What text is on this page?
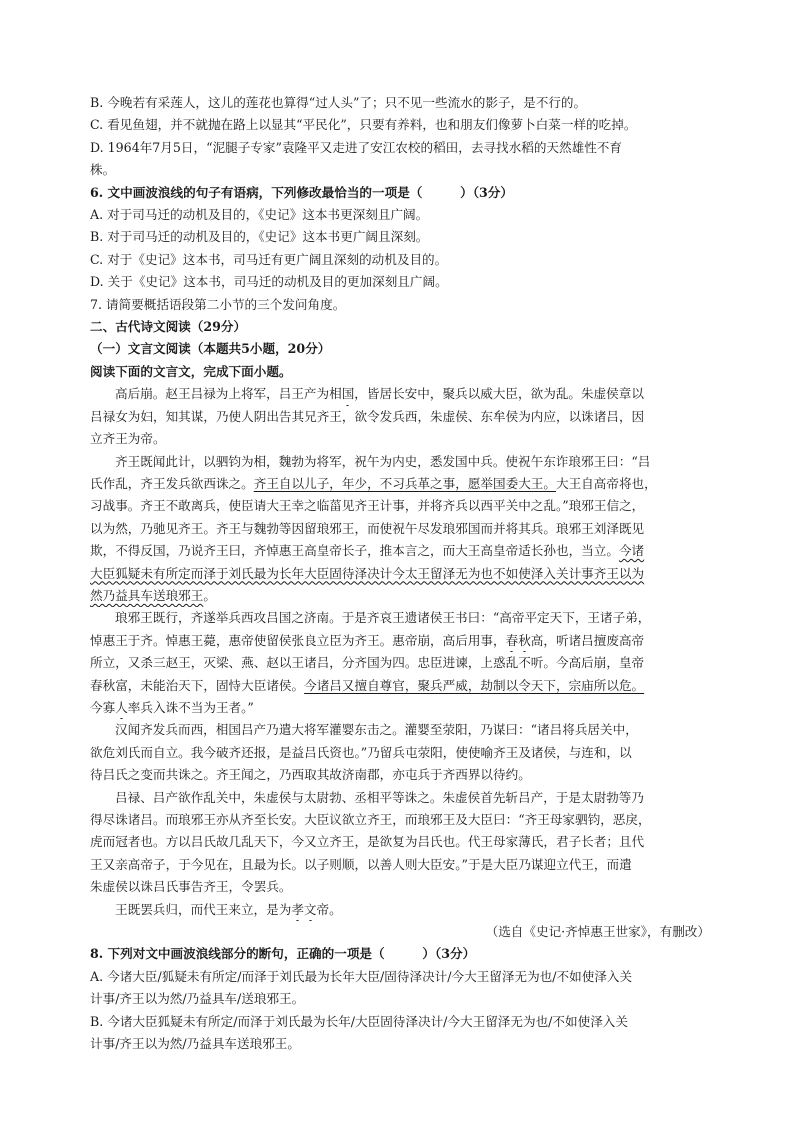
B. 今晚若有采莲人，这儿的莲花也算得“过人头”了；只不见一些流水的影子，是不行的。
C. 看见鱼翅，并不就抛在路上以显其“平民化”，只要有养料，也和朋友们像萝卜白菜一样的吃掉。
D. 1964年7月5日，“泥腿子专家”袁隆平又走进了安江农校的稻田，去寻找水稻的天然雄性不育
株。
6. 文中画波浪线的句子有语病，下列修改最恰当的一项是（　　　）（3分）
A. 对于司马迁的动机及目的，《史记》这本书更深刻且广阔。
B. 对于司马迁的动机及目的，《史记》这本书更广阔且深刻。
C. 对于《史记》这本书，司马迁有更广阔且深刻的动机及目的。
D. 关于《史记》这本书，司马迁的动机及目的更加深刻且广阔。
7. 请简要概括语段第二小节的三个发问角度。
二、古代诗文阅读（29分）
（一）文言文阅读（本题共5小题，20分）
阅读下面的文言文，完成下面小题。
高后崩。赵王吕禄为上将军，吕王产为相国，皆居长安中，聚兵以威大臣，欲为乱。朱虚侯章以
吕禄女为妇，知其谋，乃使人阴出告其兄齐王，欲令发兵西，朱虚侯、东牟侯为内应，以诛诸吕，因
立齐王为帝。
齐王既闻此计，以驷钧为相，魏勃为将军，祝午为内史，悉发国中兵。使祝午东诈琅邪王曰：“吕
氏作乱，齐王发兵欲西诛之。齐王自以儿子，年少，不习兵革之事，愿举国委大王。大王自高帝将也，
习战事。齐王不敢离兵，使臣请大王幸之临菑见齐王计事，并将齐兵以西平关中之乱。”琅邪王信之，
以为然，乃驰见齐王。齐王与魏勃等因留琅邪王，而使祝午尽发琅邪国而并将其兵。琅邪王刘泽既见
欺，不得反国，乃说齐王曰，齐悼惠王高皇帝长子，推本言之，而大王高皇帝适长孙也，当立。今诸
大臣狐疑未有所定而泽于刘氏最为长年大臣固待泽决计今太王留泽无为也不如使泽入关计事齐王以为
然乃益具车送琅邪王。
琅邪王既行，齐遂举兵西攻吕国之济南。于是齐哀王遗诸侯王书曰：“高帝平定天下，王诸子弟，
悼惠王于齐。悼惠王薨，惠帝使留侯张良立臣为齐王。惠帝崩，高后用事，春秋高，听诸吕擅废高帝
所立，又杀三赵王，灭梁、燕、赵以王诸吕，分齐国为四。忠臣进谏，上惑乱不听。今高后崩，皇帝
春秋富，未能治天下，固恃大臣诸侯。今诸吕又擅自尊官，聚兵严威，劫制以令天下，宗庙所以危。
今寡人率兵入诛不当为王者。”
汉闻齐发兵而西，相国吕产乃遣大将军灌婴东击之。灌婴至荥阳，乃谋曰：“诸吕将兵居关中，
欲危刘氏而自立。我今破齐还报，是益吕氏资也。”乃留兵屯荥阳，使使喻齐王及诸侯，与连和，以
待吕氏之变而共诛之。齐王闻之，乃西取其故济南郡，亦屯兵于齐西界以待约。
吕禄、吕产欲作乱关中，朱虚侯与太尉勃、丞相平等诛之。朱虚侯首先斩吕产，于是太尉勃等乃
得尽诛诸吕。而琅邪王亦从齐至长安。大臣议欲立齐王，而琅邪王及大臣曰：“齐王母家驷钧，恶戾，
虎而冠者也。方以吕氏故几乱天下，今又立齐王，是欲复为吕氏也。代王母家薄氏，君子长者；且代
王又亲高帝子，于今见在，且最为长。以子则顺，以善人则大臣安。”于是大臣乃谋迎立代王，而遣
朱虚侯以诛吕氏事告齐王，令罢兵。
王既罢兵归，而代王来立，是为孝文帝。
（选自《史记·齐悼惠王世家》，有删改）
8. 下列对文中画波浪线部分的断句，正确的一项是（　　　）（3分）
A. 今诸大臣/狐疑未有所定/而泽于刘氏最为长年大臣/固待泽决计/今大王留泽无为也/不如使泽入关
计事/齐王以为然/乃益具车/送琅邪王。
B. 今诸大臣狐疑未有所定/而泽于刘氏最为长年/大臣固待泽决计/今大王留泽无为也/不如使泽入关
计事/齐王以为然/乃益具车送琅邪王。
